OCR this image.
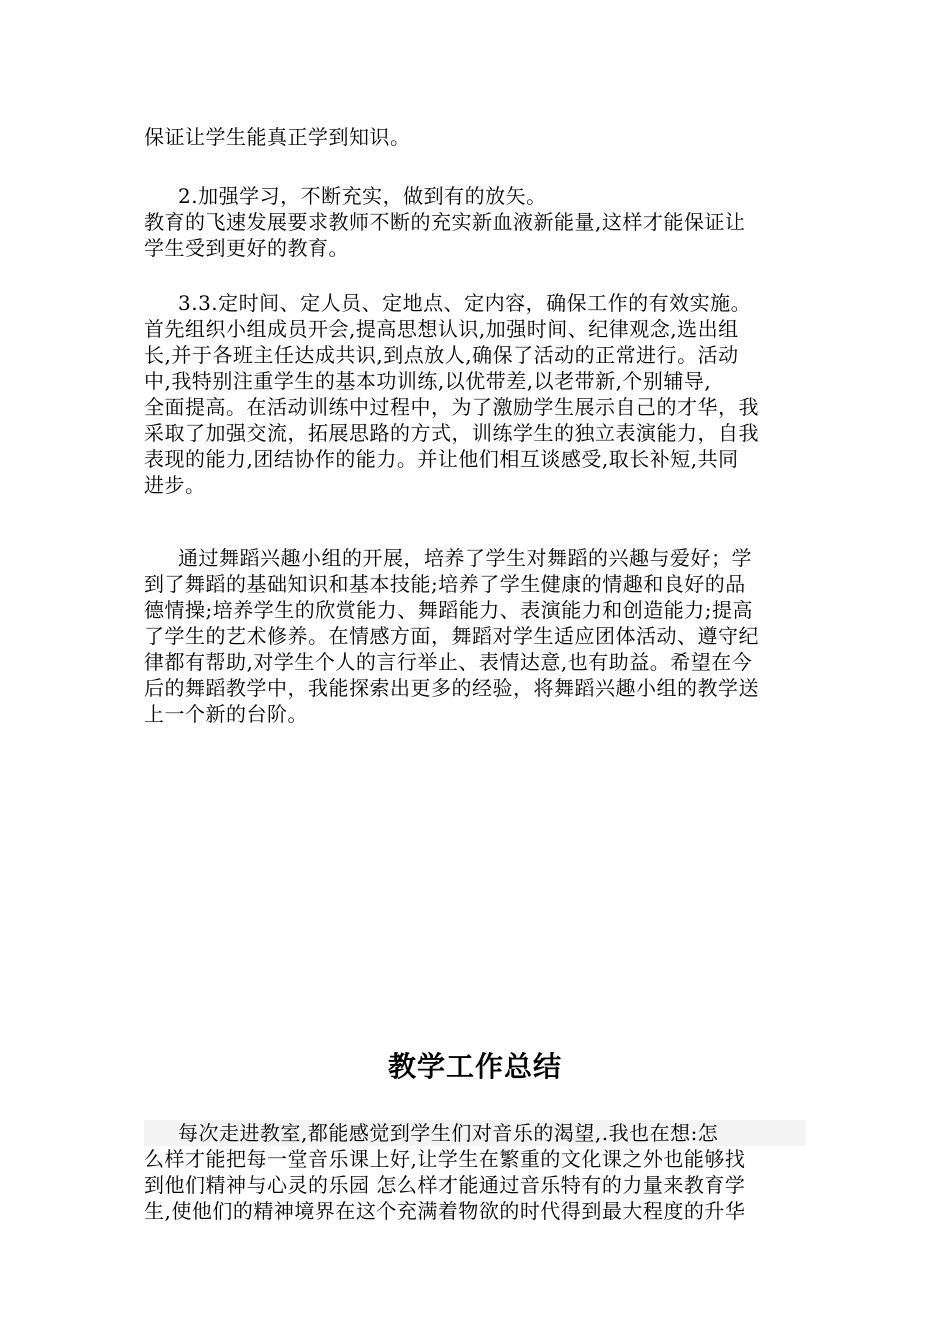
保证让学生能真正学到知识。
2.加强学习，不断充实，做到有的放矢。
教育的飞速发展要求教师不断的充实新血液新能量,这样才能保证让
学生受到更好的教育。
3.3.定时间、定人员、定地点、定内容，确保工作的有效实施。
首先组织小组成员开会,提高思想认识,加强时间、纪律观念,选出组
长,并于各班主任达成共识,到点放人,确保了活动的正常进行。活动
中,我特别注重学生的基本功训练,以优带差,以老带新,个别辅导,
全面提高。在活动训练中过程中，为了激励学生展示自己的才华，我
采取了加强交流，拓展思路的方式，训练学生的独立表演能力，自我
表现的能力,团结协作的能力。并让他们相互谈感受,取长补短,共同
进步。
通过舞蹈兴趣小组的开展，培养了学生对舞蹈的兴趣与爱好；学
到了舞蹈的基础知识和基本技能;培养了学生健康的情趣和良好的品
德情操;培养学生的欣赏能力、舞蹈能力、表演能力和创造能力;提高
了学生的艺术修养。在情感方面，舞蹈对学生适应团体活动、遵守纪
律都有帮助,对学生个人的言行举止、表情达意,也有助益。希望在今
后的舞蹈教学中，我能探索出更多的经验，将舞蹈兴趣小组的教学送
上一个新的台阶。
教学工作总结
每次走进教室,都能感觉到学生们对音乐的渴望,.我也在想:怎
么样才能把每一堂音乐课上好,让学生在繁重的文化课之外也能够找
到他们精神与心灵的乐园 怎么样才能通过音乐特有的力量来教育学
生,使他们的精神境界在这个充满着物欲的时代得到最大程度的升华
